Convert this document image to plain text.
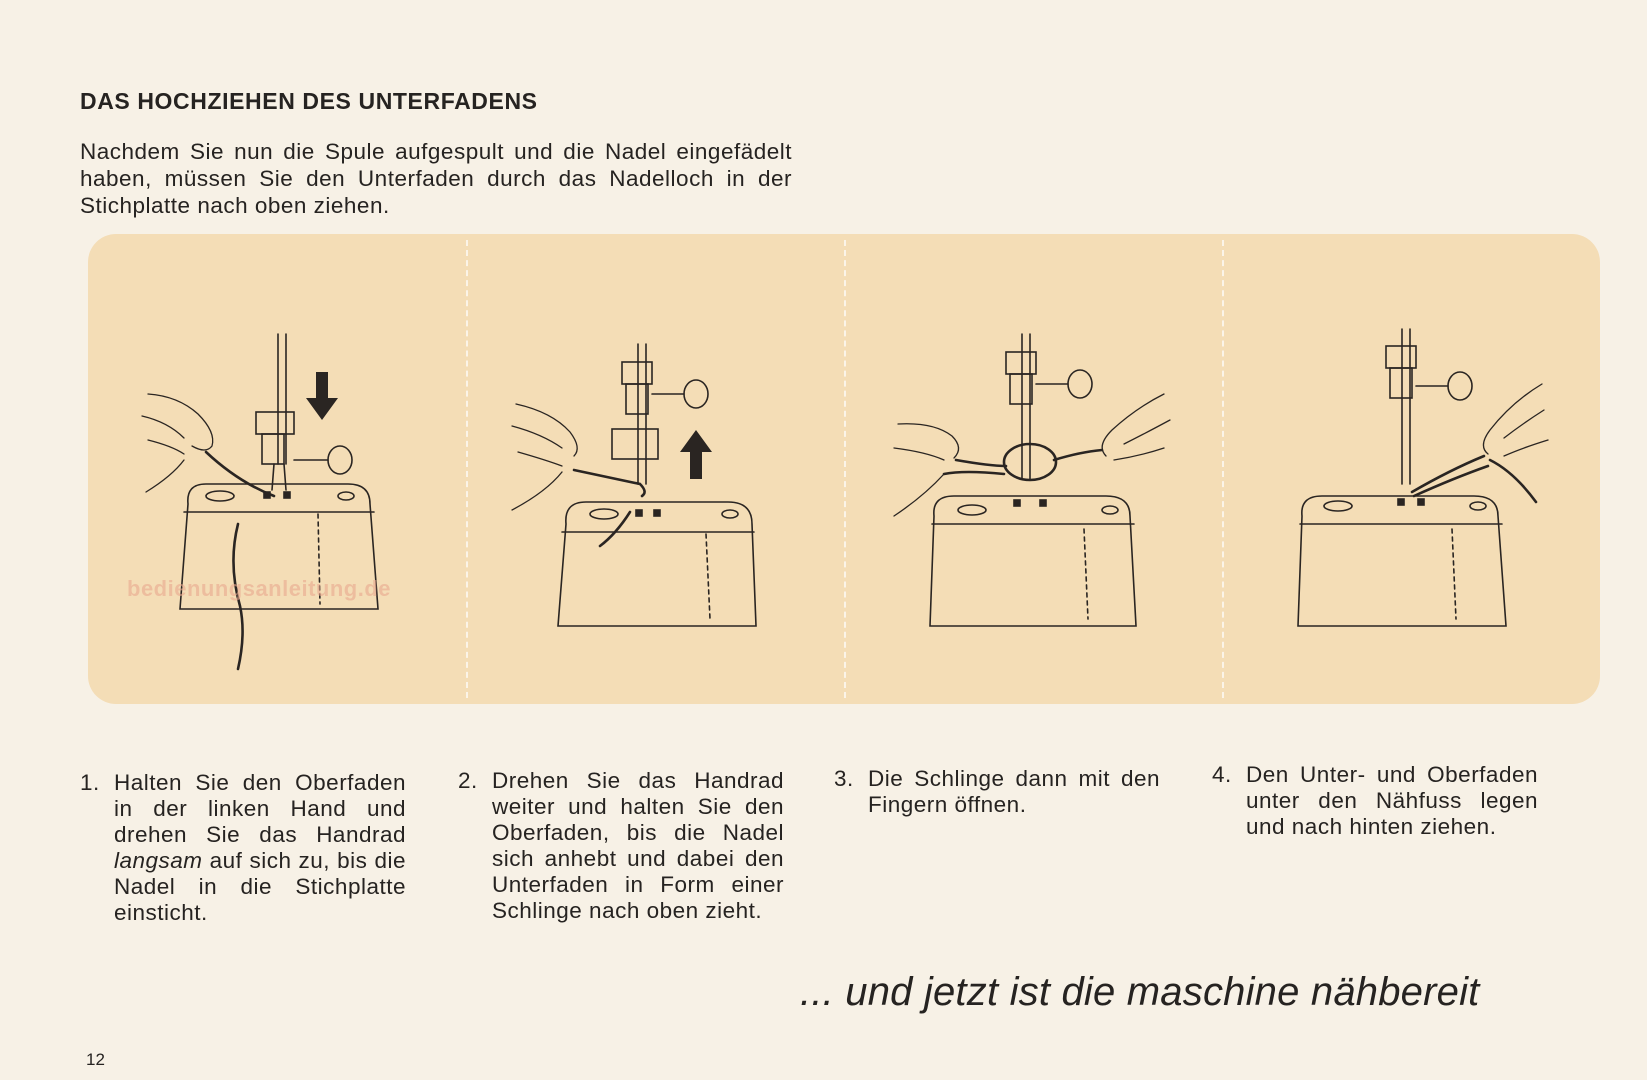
DAS HOCHZIEHEN DES UNTERFADENS

Nachdem Sie nun die Spule aufgespult und die Nadel eingefädelt haben, müssen Sie den Unterfaden durch das Nadelloch in der Stichplatte nach oben ziehen.

bedienungsanleitung.de
1. Halten Sie den Oberfaden in der linken Hand und drehen Sie das Handrad langsam auf sich zu, bis die Nadel in die Stichplatte einsticht.

2. Drehen Sie das Handrad weiter und halten Sie den Oberfaden, bis die Nadel sich anhebt und dabei den Unterfaden in Form einer Schlinge nach oben zieht.

3. Die Schlinge dann mit den Fingern öffnen.

4. Den Unter- und Oberfaden unter den Nähfuss legen und nach hinten ziehen.

... und jetzt ist die maschine nähbereit

12
